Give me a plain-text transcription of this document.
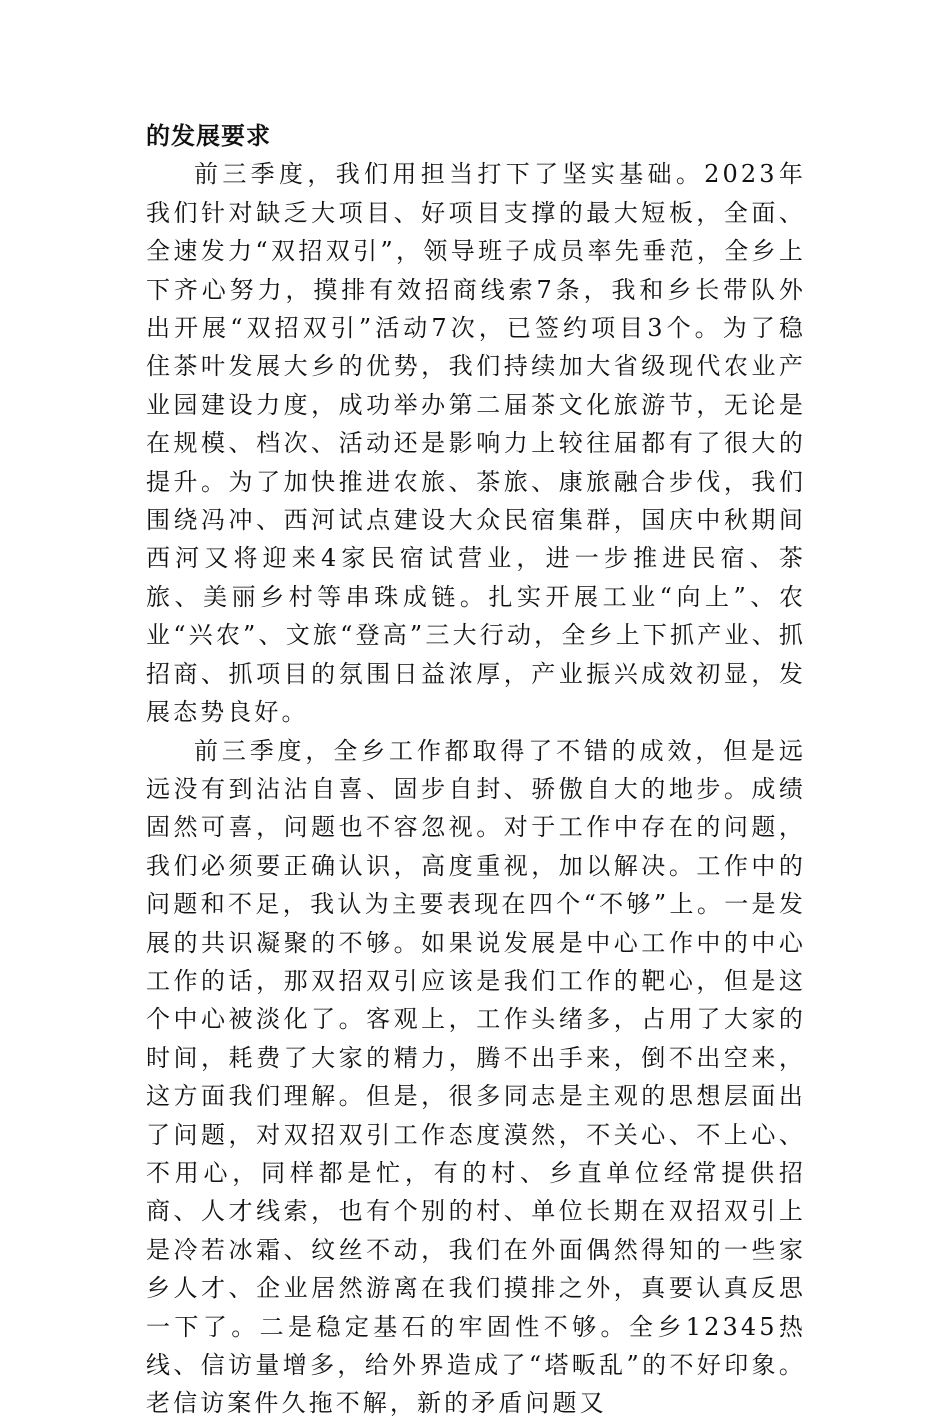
的发展要求

前三季度，我们用担当打下了坚实基础。2023年我们针对缺乏大项目、好项目支撑的最大短板，全面、全速发力“双招双引”，领导班子成员率先垂范，全乡上下齐心努力，摸排有效招商线索7条，我和乡长带队外出开展“双招双引”活动7次，已签约项目3个。为了稳住茶叶发展大乡的优势，我们持续加大省级现代农业产业园建设力度，成功举办第二届茶文化旅游节，无论是在规模、档次、活动还是影响力上较往届都有了很大的提升。为了加快推进农旅、茶旅、康旅融合步伐，我们围绕冯冲、西河试点建设大众民宿集群，国庆中秋期间西河又将迎来4家民宿试营业，进一步推进民宿、茶旅、美丽乡村等串珠成链。扎实开展工业“向上”、农业“兴农”、文旅“登高”三大行动，全乡上下抓产业、抓招商、抓项目的氛围日益浓厚，产业振兴成效初显，发展态势良好。

前三季度，全乡工作都取得了不错的成效，但是远远没有到沾沾自喜、固步自封、骄傲自大的地步。成绩固然可喜，问题也不容忽视。对于工作中存在的问题，我们必须要正确认识，高度重视，加以解决。工作中的问题和不足，我认为主要表现在四个“不够”上。一是发展的共识凝聚的不够。如果说发展是中心工作中的中心工作的话，那双招双引应该是我们工作的靶心，但是这个中心被淡化了。客观上，工作头绪多，占用了大家的时间，耗费了大家的精力，腾不出手来，倒不出空来，这方面我们理解。但是，很多同志是主观的思想层面出了问题，对双招双引工作态度漠然，不关心、不上心、不用心，同样都是忙，有的村、乡直单位经常提供招商、人才线索，也有个别的村、单位长期在双招双引上是冷若冰霜、纹丝不动，我们在外面偶然得知的一些家乡人才、企业居然游离在我们摸排之外，真要认真反思一下了。二是稳定基石的牢固性不够。全乡12345热线、信访量增多，给外界造成了“塔畈乱”的不好印象。老信访案件久拖不解，新的矛盾问题又
